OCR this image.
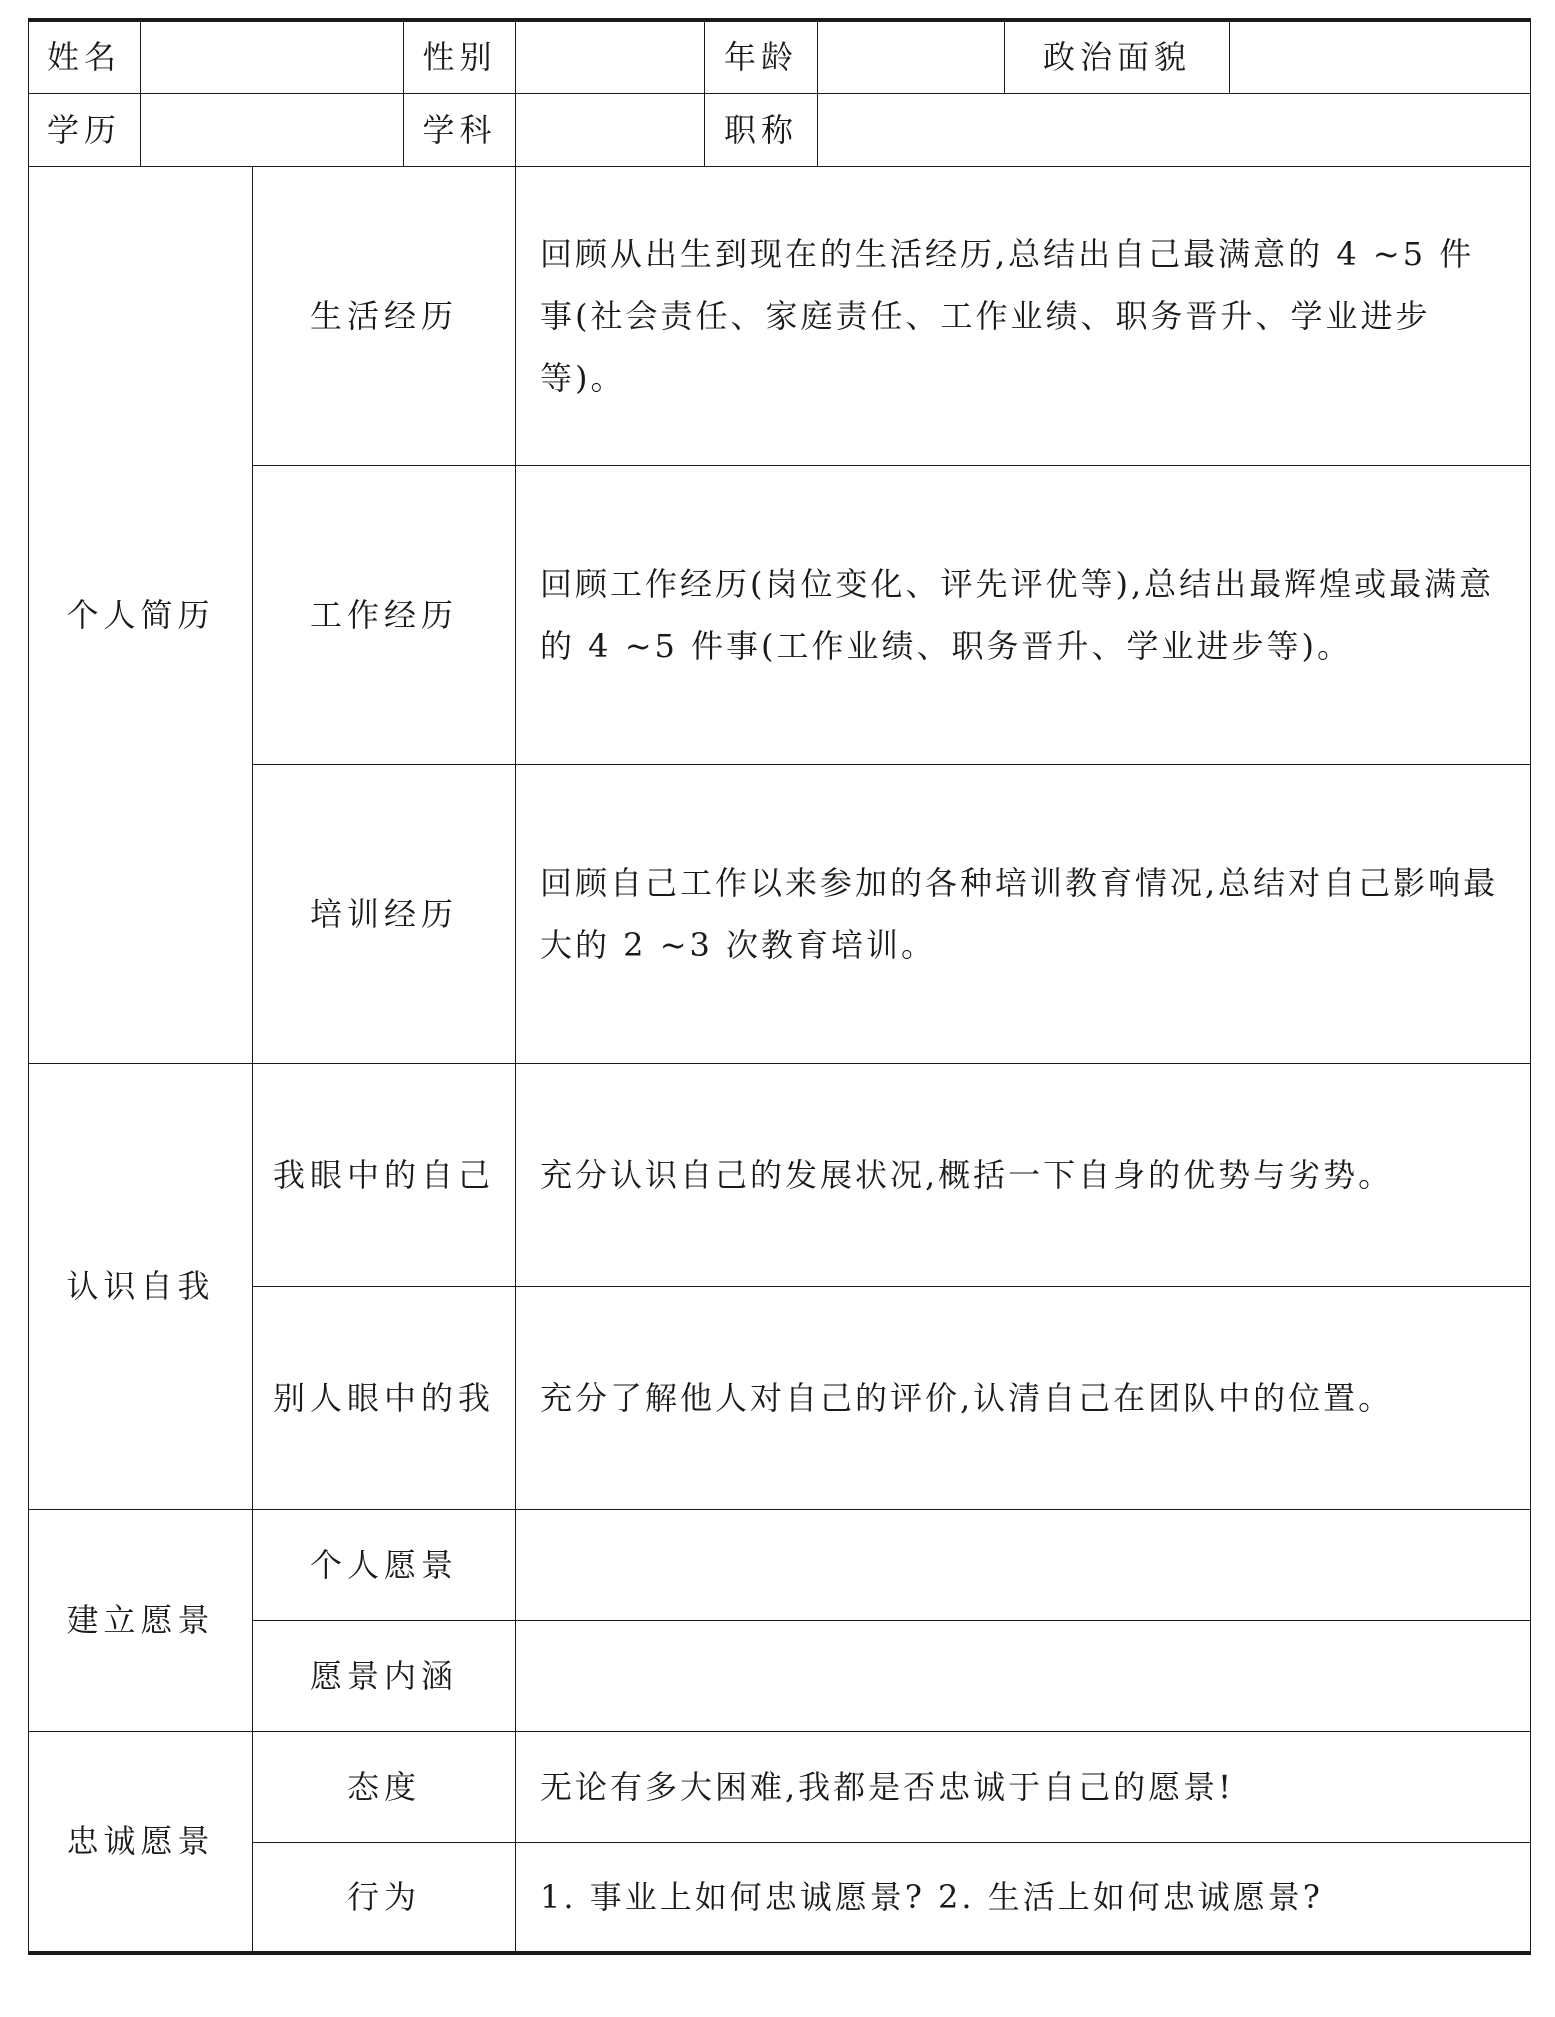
姓名			性别		年龄		政治面貌	
学历			学科		职称			
个人简历		生活经历		回顾从出生到现在的生活经历,总结出自己最满意的 4 ~5 件事(社会责任、家庭责任、工作业绩、职务晋升、学业进步等)。				
		工作经历		回顾工作经历(岗位变化、评先评优等),总结出最辉煌或最满意的 4 ~5 件事(工作业绩、职务晋升、学业进步等)。				
		培训经历		回顾自己工作以来参加的各种培训教育情况,总结对自己影响最大的 2 ~3 次教育培训。				
认识自我		我眼中的自己		充分认识自己的发展状况,概括一下自身的优势与劣势。				
		别人眼中的我		充分了解他人对自己的评价,认清自己在团队中的位置。				
建立愿景		个人愿景						
		愿景内涵						
忠诚愿景		态度		无论有多大困难,我都是否忠诚于自己的愿景!				
		行为		1. 事业上如何忠诚愿景? 2. 生活上如何忠诚愿景?				
